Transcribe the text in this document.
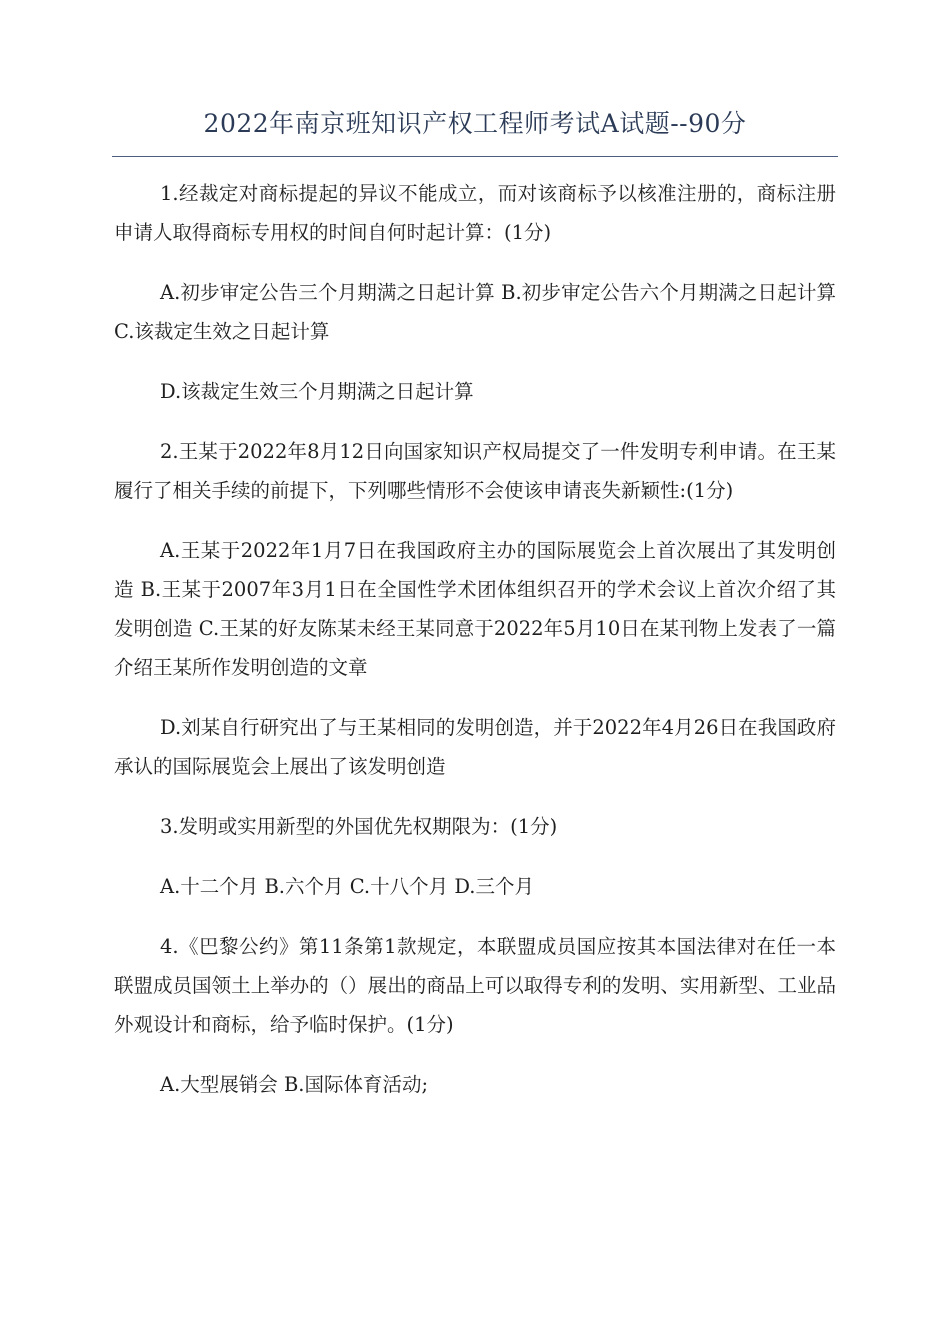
2022年南京班知识产权工程师考试A试题--90分

1.经裁定对商标提起的异议不能成立，而对该商标予以核准注册的，商标注册申请人取得商标专用权的时间自何时起计算：(1分)

A.初步审定公告三个月期满之日起计算 B.初步审定公告六个月期满之日起计算 C.该裁定生效之日起计算

D.该裁定生效三个月期满之日起计算

2.王某于2022年8月12日向国家知识产权局提交了一件发明专利申请。在王某履行了相关手续的前提下，下列哪些情形不会使该申请丧失新颖性:(1分)

A.王某于2022年1月7日在我国政府主办的国际展览会上首次展出了其发明创造 B.王某于2007年3月1日在全国性学术团体组织召开的学术会议上首次介绍了其发明创造 C.王某的好友陈某未经王某同意于2022年5月10日在某刊物上发表了一篇介绍王某所作发明创造的文章

D.刘某自行研究出了与王某相同的发明创造，并于2022年4月26日在我国政府承认的国际展览会上展出了该发明创造

3.发明或实用新型的外国优先权期限为：(1分)

A.十二个月 B.六个月 C.十八个月 D.三个月

4.《巴黎公约》第11条第1款规定，本联盟成员国应按其本国法律对在任一本联盟成员国领土上举办的（）展出的商品上可以取得专利的发明、实用新型、工业品外观设计和商标，给予临时保护。(1分)

A.大型展销会 B.国际体育活动;
